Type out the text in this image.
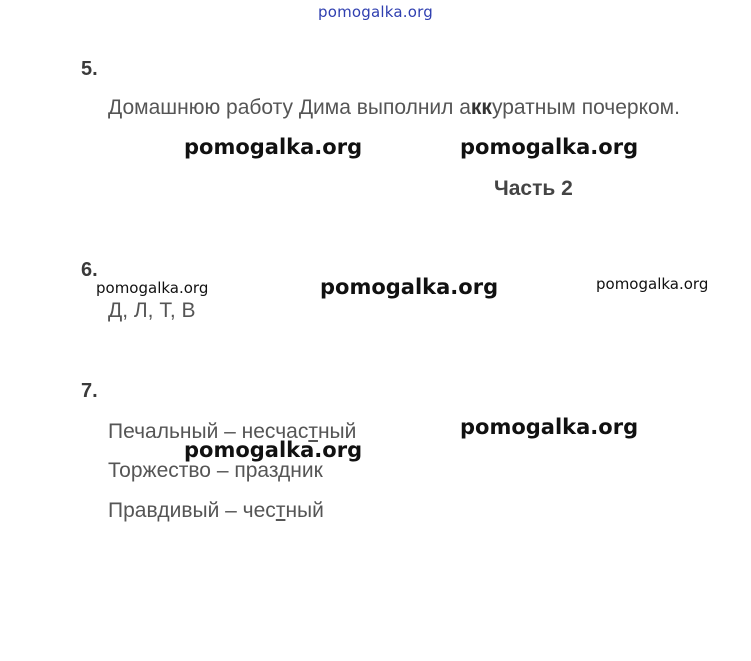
pomogalka.org
5.
Домашнюю работу Дима выполнил аккуратным почерком.
pomogalka.org	pomogalka.org
Часть 2
6.
pomogalka.org	pomogalka.org	pomogalka.org
Д, Л, Т, В
7.
Печальный – несчастный	pomogalka.org
pomogalka.org
Торжество – праздник
Правдивый – честный
